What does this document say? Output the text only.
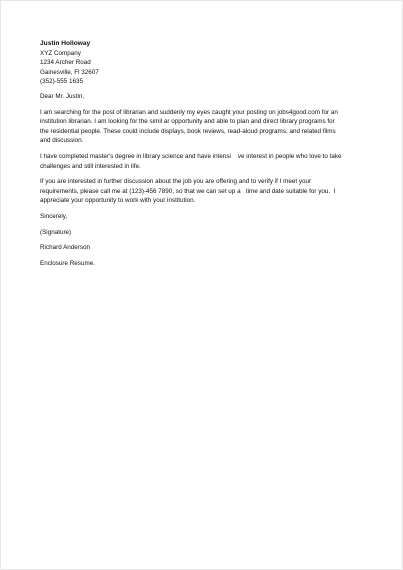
Justin Holloway

XYZ Company

1234 Archer Road

Gainesville, Fl 32607

(352)-555 1635

Dear Mr. Justin,

I am searching for the post of librarian and suddenly my eyes caught your posting on jobs4good.com for an

institution librarian. I am looking for the simil ar opportunity and able to plan and direct library programs for

the residential people. These could include displays, book reviews, read-aloud programs, and related films

and discussion.

I have completed master's degree in library science and have intensi    ve interest in people who love to take

challenges and still interested in life.

If you are interested in further discussion about the job you are offering and to verify if I meet your

requirements, please call me at (123)-456 7890, so that we can set up a   time and date suitable for you.  I

appreciate your opportunity to work with your institution.

Sincerely,

(Signature)

Richard Anderson

Enclosure Resume.
